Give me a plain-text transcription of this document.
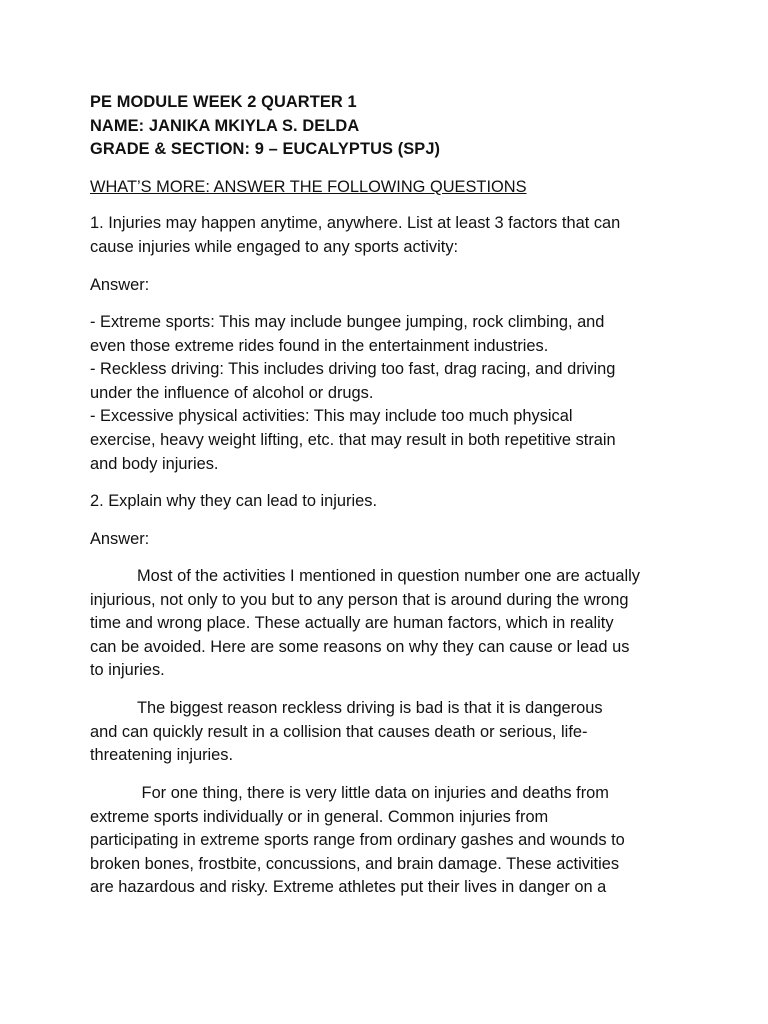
PE MODULE WEEK 2 QUARTER 1
NAME: JANIKA MKIYLA S. DELDA
GRADE & SECTION: 9 – EUCALYPTUS (SPJ)
WHAT’S MORE: ANSWER THE FOLLOWING QUESTIONS
1. Injuries may happen anytime, anywhere. List at least 3 factors that can
cause injuries while engaged to any sports activity:
Answer:
- Extreme sports: This may include bungee jumping, rock climbing, and
even those extreme rides found in the entertainment industries.
- Reckless driving: This includes driving too fast, drag racing, and driving
under the influence of alcohol or drugs.
- Excessive physical activities: This may include too much physical
exercise, heavy weight lifting, etc. that may result in both repetitive strain
and body injuries.
2. Explain why they can lead to injuries.
Answer:
Most of the activities I mentioned in question number one are actually
injurious, not only to you but to any person that is around during the wrong
time and wrong place. These actually are human factors, which in reality
can be avoided. Here are some reasons on why they can cause or lead us
to injuries.
The biggest reason reckless driving is bad is that it is dangerous
and can quickly result in a collision that causes death or serious, life-
threatening injuries.
For one thing, there is very little data on injuries and deaths from
extreme sports individually or in general. Common injuries from
participating in extreme sports range from ordinary gashes and wounds to
broken bones, frostbite, concussions, and brain damage. These activities
are hazardous and risky. Extreme athletes put their lives in danger on a
